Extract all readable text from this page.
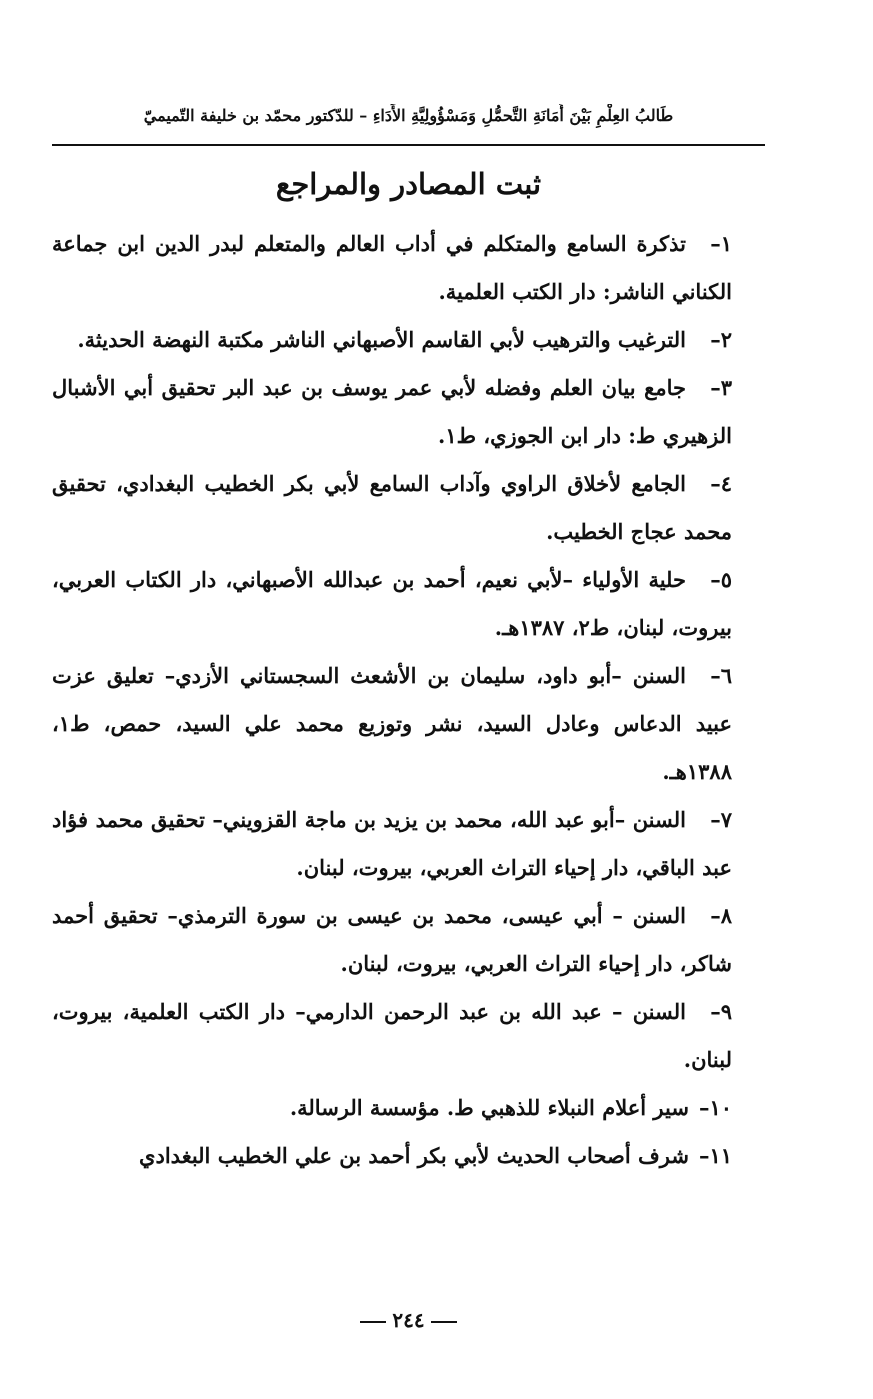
طَالبُ العِلْمِ بَيْنَ أَمَانَةِ التَّحمُّلِ وَمَسْؤُولِيَّةِ الأَدَاءِ – للدّكتور محمّد بن خليفة التّميميّ
ثبت المصادر والمراجع
١–تذكرة السامع والمتكلم في أداب العالم والمتعلم لبدر الدين ابن جماعة الكناني الناشر: دار الكتب العلمية.
٢–الترغيب والترهيب لأبي القاسم الأصبهاني الناشر مكتبة النهضة الحديثة.
٣–جامع بيان العلم وفضله لأبي عمر يوسف بن عبد البر تحقيق أبي الأشبال الزهيري ط: دار ابن الجوزي، ط١.
٤–الجامع لأخلاق الراوي وآداب السامع لأبي بكر الخطيب البغدادي، تحقيق محمد عجاج الخطيب.
٥–حلية الأولياء –لأبي نعيم، أحمد بن عبدالله الأصبهاني، دار الكتاب العربي، بيروت، لبنان، ط٢، ١٣٨٧هـ.
٦–السنن –أبو داود، سليمان بن الأشعث السجستاني الأزدي– تعليق عزت عبيد الدعاس وعادل السيد، نشر وتوزيع محمد علي السيد، حمص، ط١، ١٣٨٨هـ.
٧–السنن –أبو عبد الله، محمد بن يزيد بن ماجة القزويني– تحقيق محمد فؤاد عبد الباقي، دار إحياء التراث العربي، بيروت، لبنان.
٨–السنن – أبي عيسى، محمد بن عيسى بن سورة الترمذي– تحقيق أحمد شاكر، دار إحياء التراث العربي، بيروت، لبنان.
٩–السنن – عبد الله بن عبد الرحمن الدارمي– دار الكتب العلمية، بيروت، لبنان.
١٠–سير أعلام النبلاء للذهبي ط. مؤسسة الرسالة.
١١–شرف أصحاب الحديث لأبي بكر أحمد بن علي الخطيب البغدادي
٢٤٤
